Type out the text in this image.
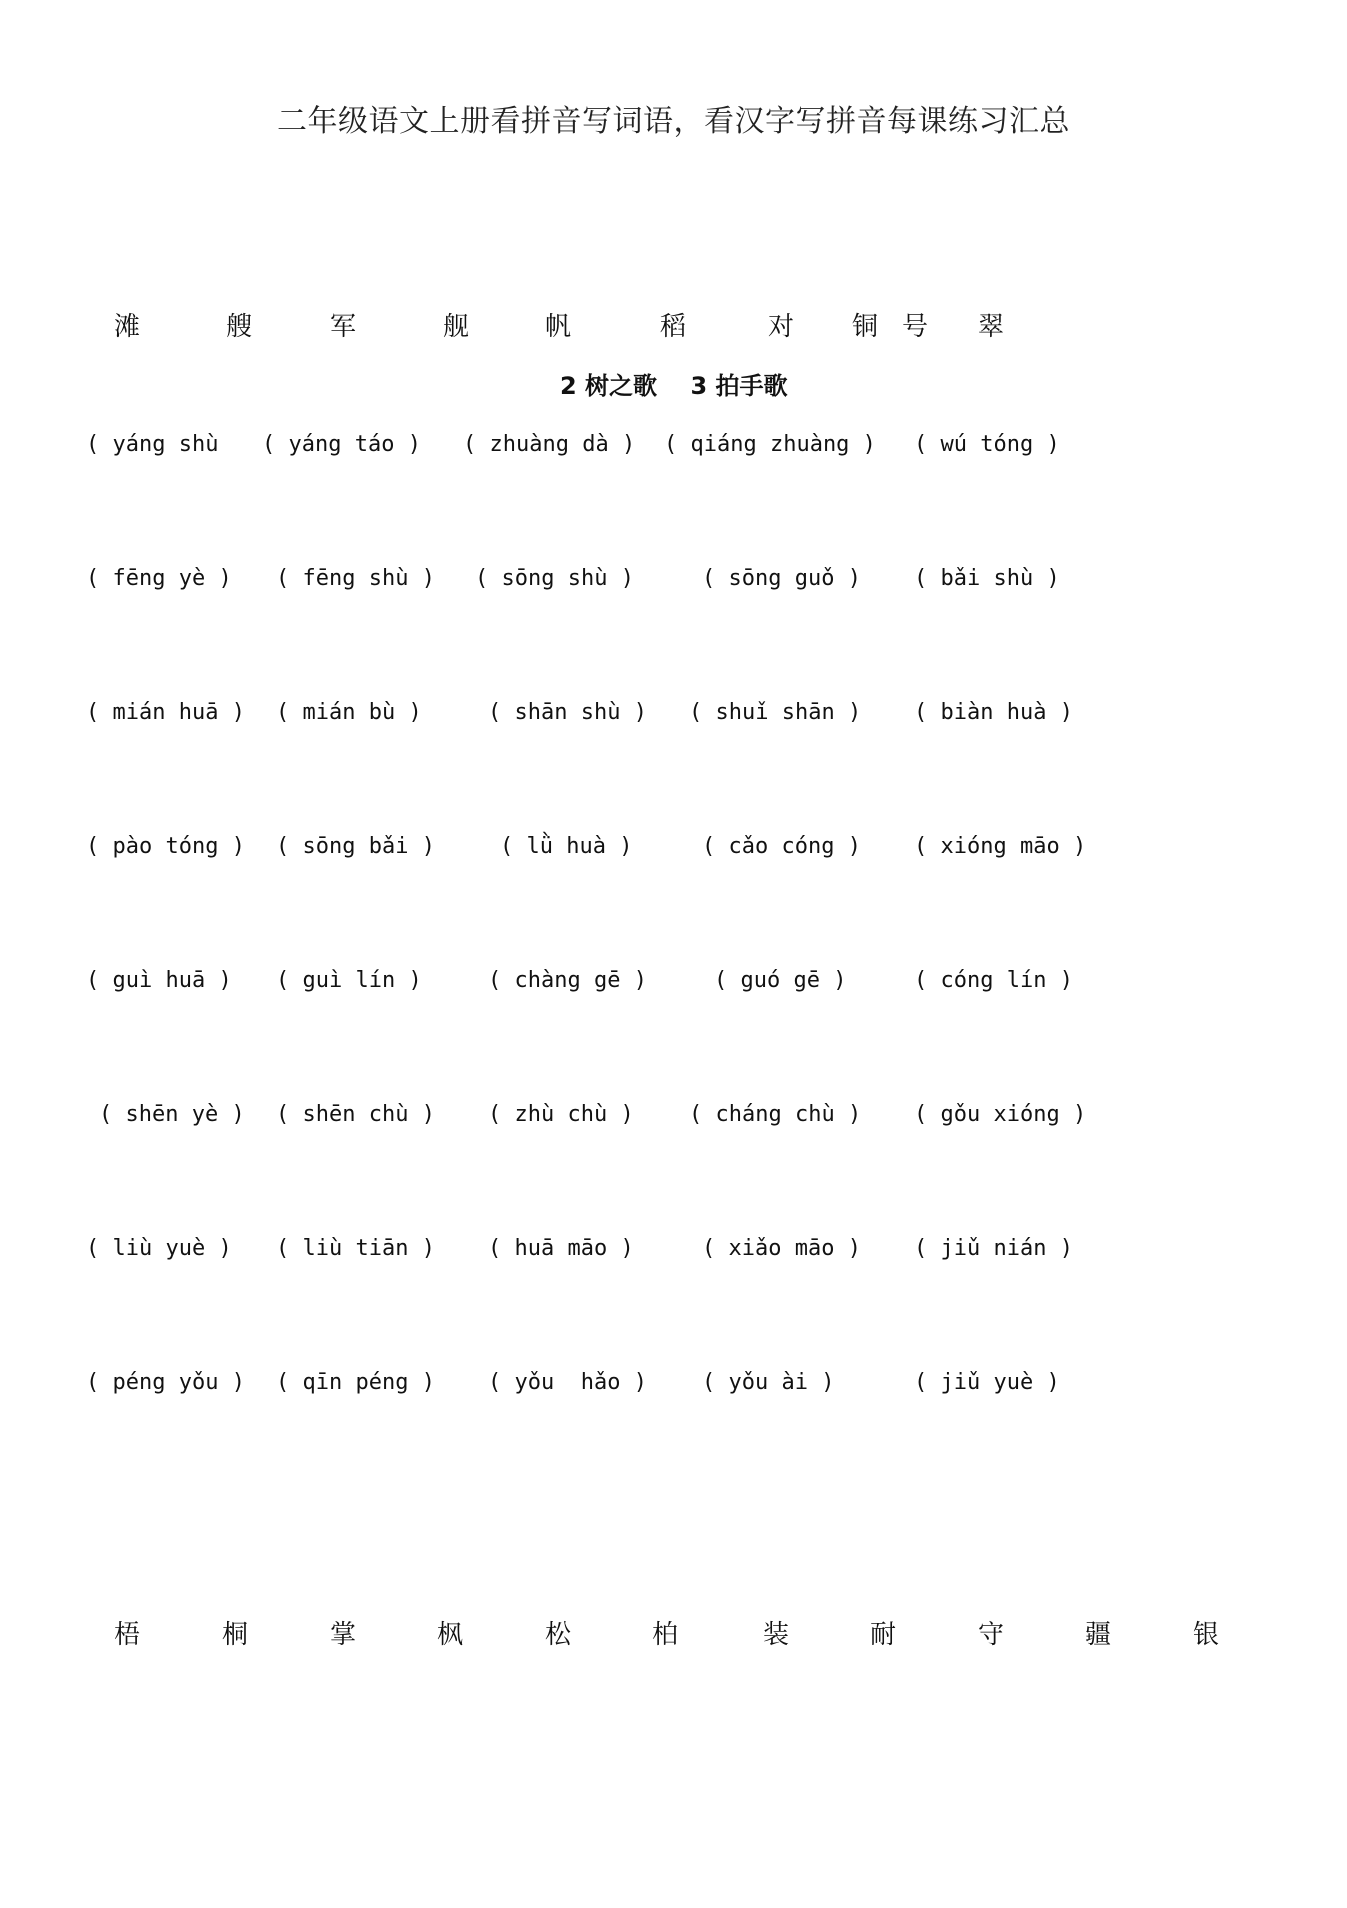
二年级语文上册看拼音写词语，看汉字写拼音每课练习汇总
滩	艘	军	舰	帆	稻	对 铜 号 翠
2 树之歌    3 拍手歌
( yáng shù ( yáng táo ) ( zhuàng dà ) ( qiáng zhuàng ) ( wú tóng )
( fēng yè ) ( fēng shù ) ( sōng shù )	( sōng guǒ ) ( bǎi shù )
( mián huā ) ( mián bù )	( shān shù ) ( shuǐ shān ) ( biàn huà )
( pào tóng ) ( sōng bǎi )	( lǜ huà )	( cǎo cóng ) ( xióng māo )
( guì huā ) ( guì lín )	( chàng gē )	( guó gē )	( cóng lín )
( shēn yè ) ( shēn chù ) ( zhù chù )	( cháng chù ) ( gǒu xióng )
( liù yuè ) ( liù tiān ) ( huā māo )	( xiǎo māo ) ( jiǔ nián )
( péng yǒu ) ( qīn péng ) ( yǒu  hǎo )	( yǒu ài )	( jiǔ yuè )
梧	桐	掌	枫	松	柏	装	耐	守	疆	银
